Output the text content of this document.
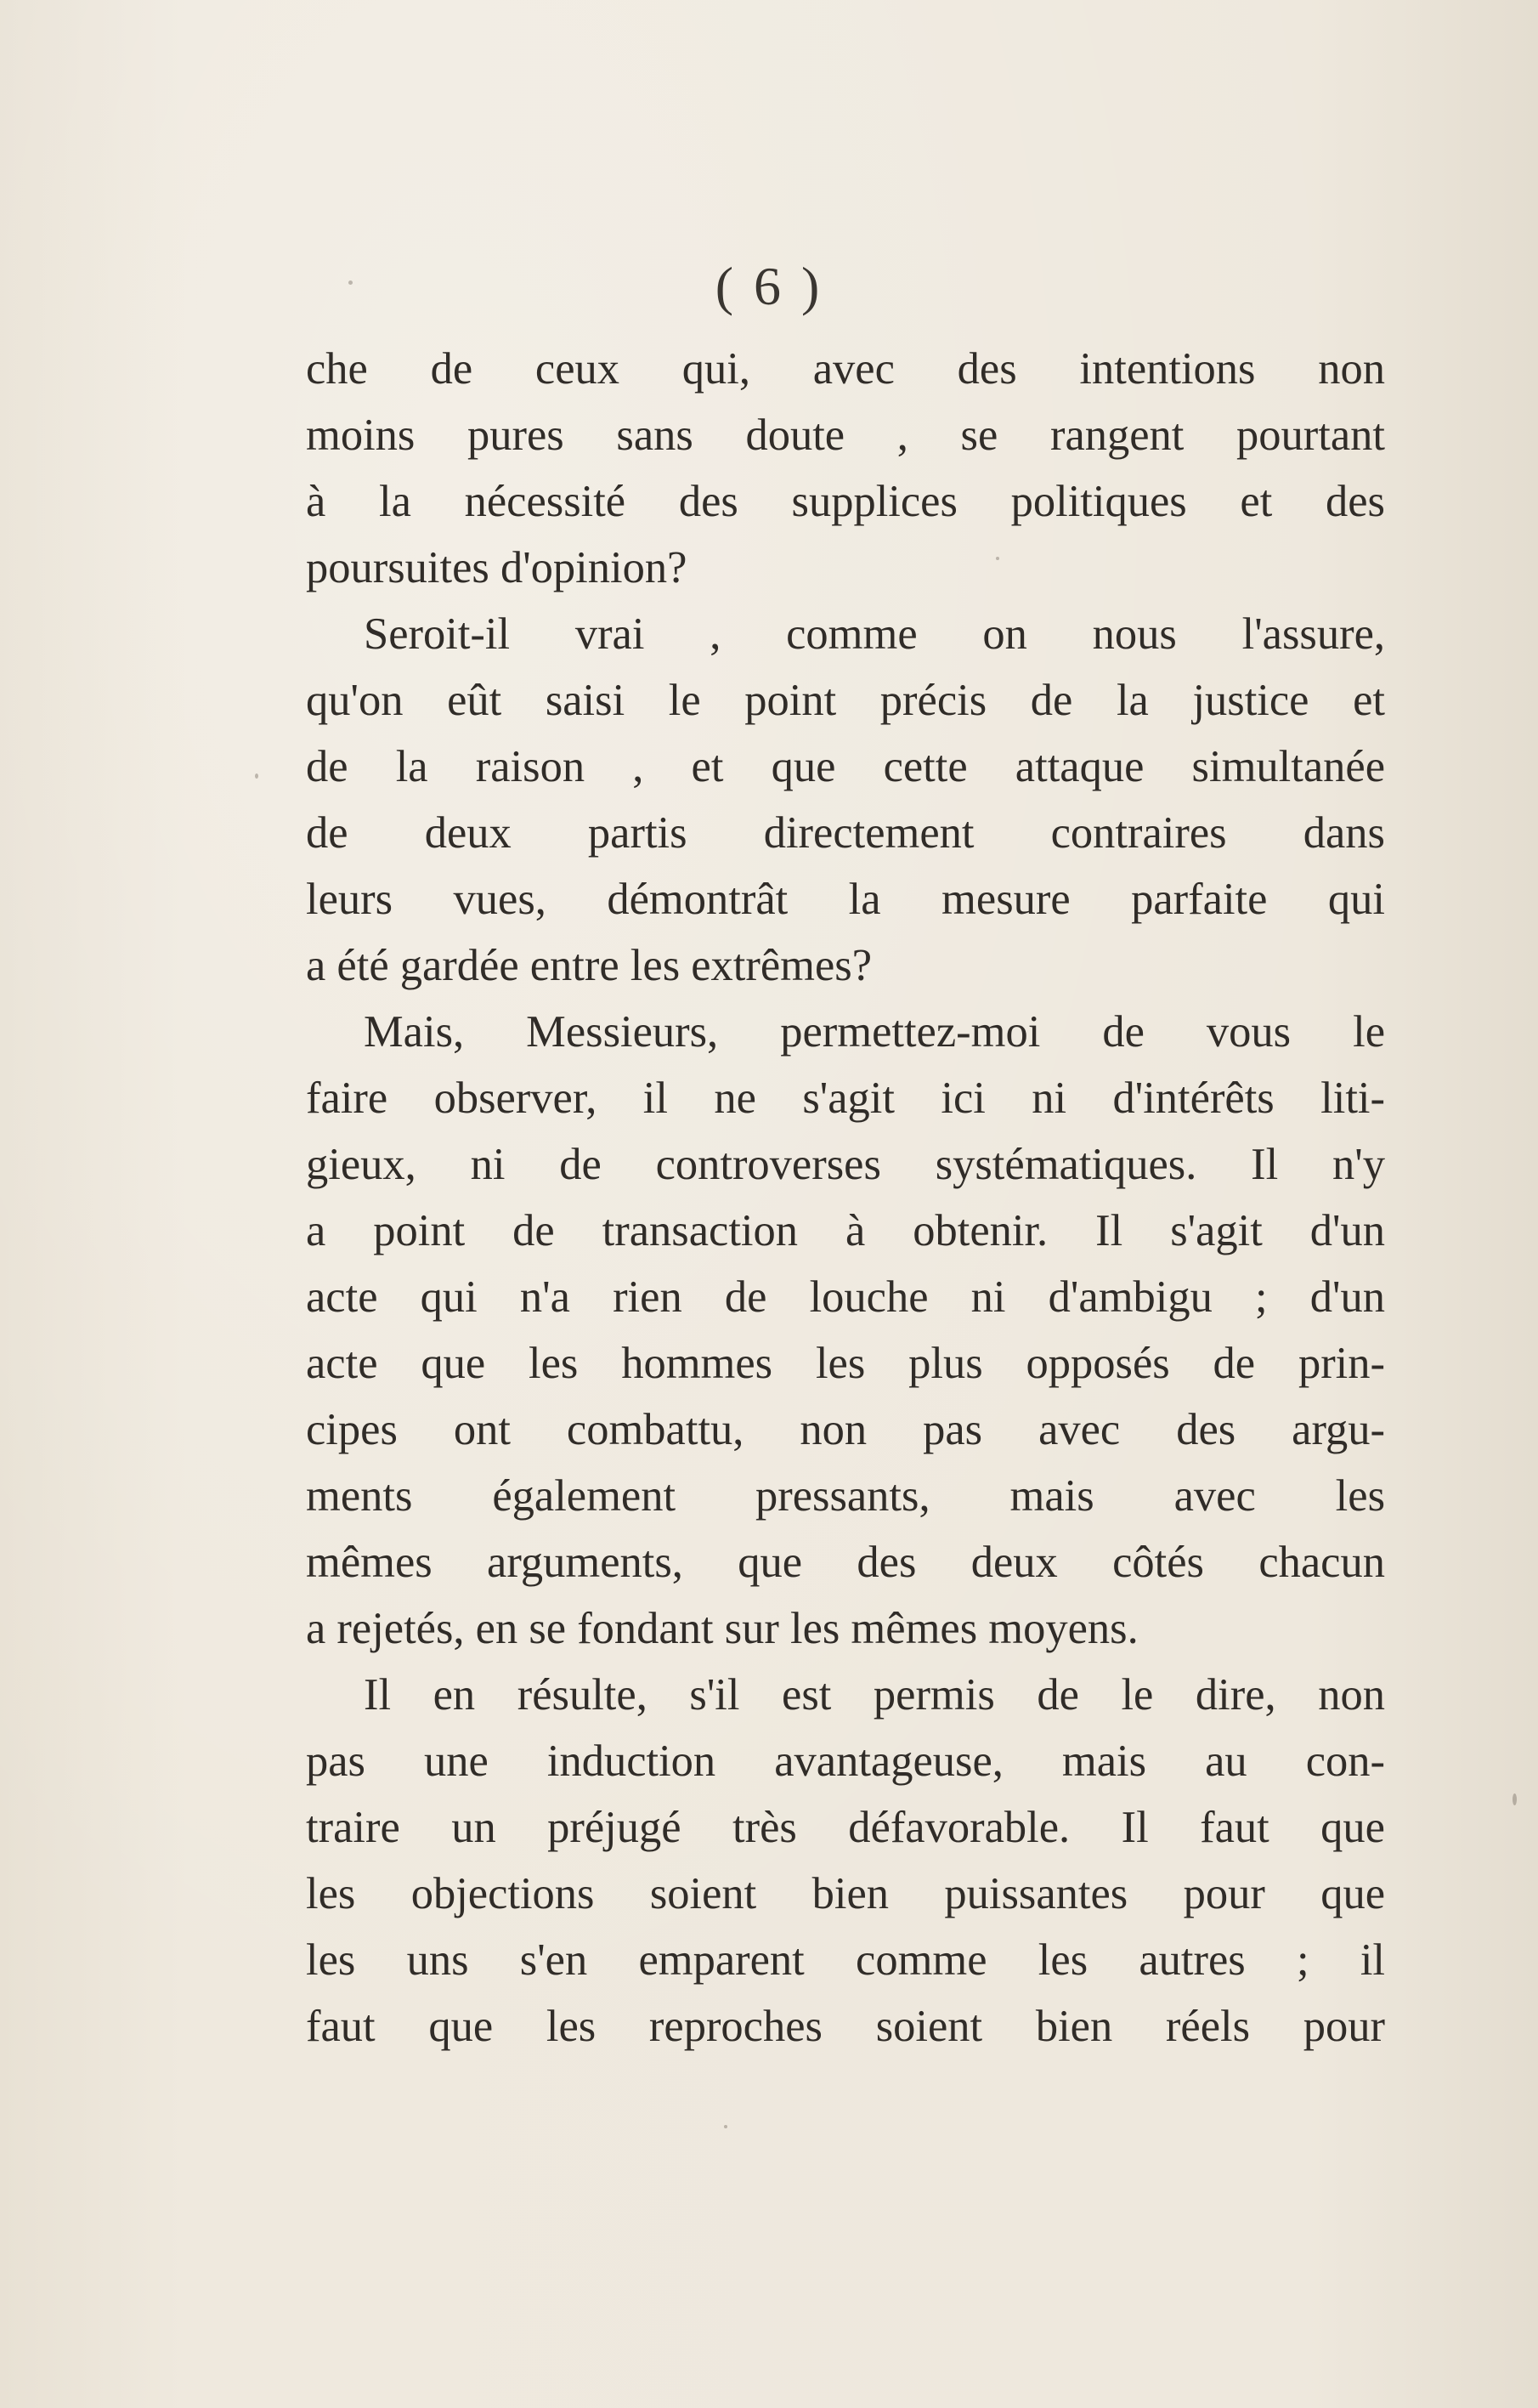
( 6 )
che de ceux qui, avec des intentions non
moins pures sans doute , se rangent pourtant
à la nécessité des supplices politiques et des
poursuites d'opinion?
Seroit-il vrai , comme on nous l'assure,
qu'on eût saisi le point précis de la justice et
de la raison , et que cette attaque simultanée
de deux partis directement contraires dans
leurs vues, démontrât la mesure parfaite qui
a été gardée entre les extrêmes?
Mais, Messieurs, permettez-moi de vous le
faire observer, il ne s'agit ici ni d'intérêts liti-
gieux, ni de controverses systématiques. Il n'y
a point de transaction à obtenir. Il s'agit d'un
acte qui n'a rien de louche ni d'ambigu ; d'un
acte que les hommes les plus opposés de prin-
cipes ont combattu, non pas avec des argu-
ments également pressants, mais avec les
mêmes arguments, que des deux côtés chacun
a rejetés, en se fondant sur les mêmes moyens.
Il en résulte, s'il est permis de le dire, non
pas une induction avantageuse, mais au con-
traire un préjugé très défavorable. Il faut que
les objections soient bien puissantes pour que
les uns s'en emparent comme les autres ; il
faut que les reproches soient bien réels pour
